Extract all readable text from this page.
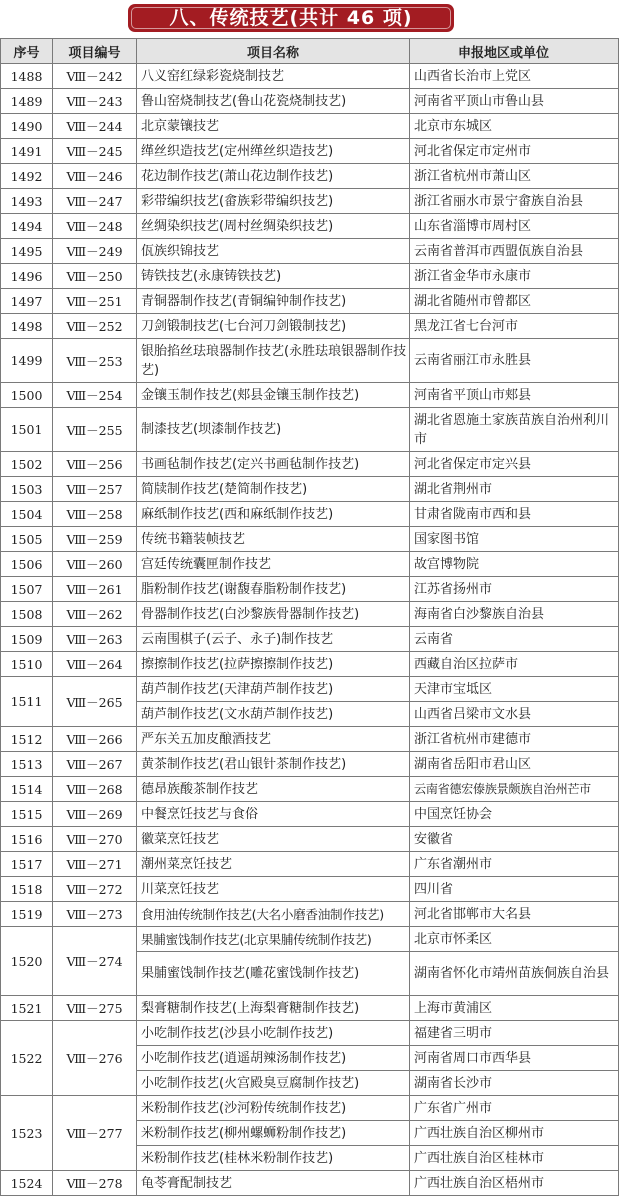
八、传统技艺(共计 46 项)
序号	项目编号	项目名称	申报地区或单位
1488	Ⅷ－242	八义窑红绿彩瓷烧制技艺	山西省长治市上党区
1489	Ⅷ－243	鲁山窑烧制技艺(鲁山花瓷烧制技艺)	河南省平顶山市鲁山县
1490	Ⅷ－244	北京蒙镶技艺	北京市东城区
1491	Ⅷ－245	缂丝织造技艺(定州缂丝织造技艺)	河北省保定市定州市
1492	Ⅷ－246	花边制作技艺(萧山花边制作技艺)	浙江省杭州市萧山区
1493	Ⅷ－247	彩带编织技艺(畲族彩带编织技艺)	浙江省丽水市景宁畲族自治县
1494	Ⅷ－248	丝绸染织技艺(周村丝绸染织技艺)	山东省淄博市周村区
1495	Ⅷ－249	佤族织锦技艺	云南省普洱市西盟佤族自治县
1496	Ⅷ－250	铸铁技艺(永康铸铁技艺)	浙江省金华市永康市
1497	Ⅷ－251	青铜器制作技艺(青铜编钟制作技艺)	湖北省随州市曾都区
1498	Ⅷ－252	刀剑锻制技艺(七台河刀剑锻制技艺)	黑龙江省七台河市
1499	Ⅷ－253	银胎掐丝珐琅器制作技艺(永胜珐琅银器制作技艺)	云南省丽江市永胜县
1500	Ⅷ－254	金镶玉制作技艺(郏县金镶玉制作技艺)	河南省平顶山市郏县
1501	Ⅷ－255	制漆技艺(坝漆制作技艺)	湖北省恩施土家族苗族自治州利川市
1502	Ⅷ－256	书画毡制作技艺(定兴书画毡制作技艺)	河北省保定市定兴县
1503	Ⅷ－257	简牍制作技艺(楚简制作技艺)	湖北省荆州市
1504	Ⅷ－258	麻纸制作技艺(西和麻纸制作技艺)	甘肃省陇南市西和县
1505	Ⅷ－259	传统书籍装帧技艺	国家图书馆
1506	Ⅷ－260	宫廷传统囊匣制作技艺	故宫博物院
1507	Ⅷ－261	脂粉制作技艺(谢馥春脂粉制作技艺)	江苏省扬州市
1508	Ⅷ－262	骨器制作技艺(白沙黎族骨器制作技艺)	海南省白沙黎族自治县
1509	Ⅷ－263	云南围棋子(云子、永子)制作技艺	云南省
1510	Ⅷ－264	擦擦制作技艺(拉萨擦擦制作技艺)	西藏自治区拉萨市
1511	Ⅷ－265	葫芦制作技艺(天津葫芦制作技艺)	天津市宝坻区
		葫芦制作技艺(文水葫芦制作技艺)	山西省吕梁市文水县
1512	Ⅷ－266	严东关五加皮酿酒技艺	浙江省杭州市建德市
1513	Ⅷ－267	黄茶制作技艺(君山银针茶制作技艺)	湖南省岳阳市君山区
1514	Ⅷ－268	德昂族酸茶制作技艺	云南省德宏傣族景颇族自治州芒市
1515	Ⅷ－269	中餐烹饪技艺与食俗	中国烹饪协会
1516	Ⅷ－270	徽菜烹饪技艺	安徽省
1517	Ⅷ－271	潮州菜烹饪技艺	广东省潮州市
1518	Ⅷ－272	川菜烹饪技艺	四川省
1519	Ⅷ－273	食用油传统制作技艺(大名小磨香油制作技艺)	河北省邯郸市大名县
1520	Ⅷ－274	果脯蜜饯制作技艺(北京果脯传统制作技艺)	北京市怀柔区
		果脯蜜饯制作技艺(雕花蜜饯制作技艺)	湖南省怀化市靖州苗族侗族自治县
1521	Ⅷ－275	梨膏糖制作技艺(上海梨膏糖制作技艺)	上海市黄浦区
1522	Ⅷ－276	小吃制作技艺(沙县小吃制作技艺)	福建省三明市
		小吃制作技艺(逍遥胡辣汤制作技艺)	河南省周口市西华县
		小吃制作技艺(火宫殿臭豆腐制作技艺)	湖南省长沙市
1523	Ⅷ－277	米粉制作技艺(沙河粉传统制作技艺)	广东省广州市
		米粉制作技艺(柳州螺蛳粉制作技艺)	广西壮族自治区柳州市
		米粉制作技艺(桂林米粉制作技艺)	广西壮族自治区桂林市
1524	Ⅷ－278	龟苓膏配制技艺	广西壮族自治区梧州市
